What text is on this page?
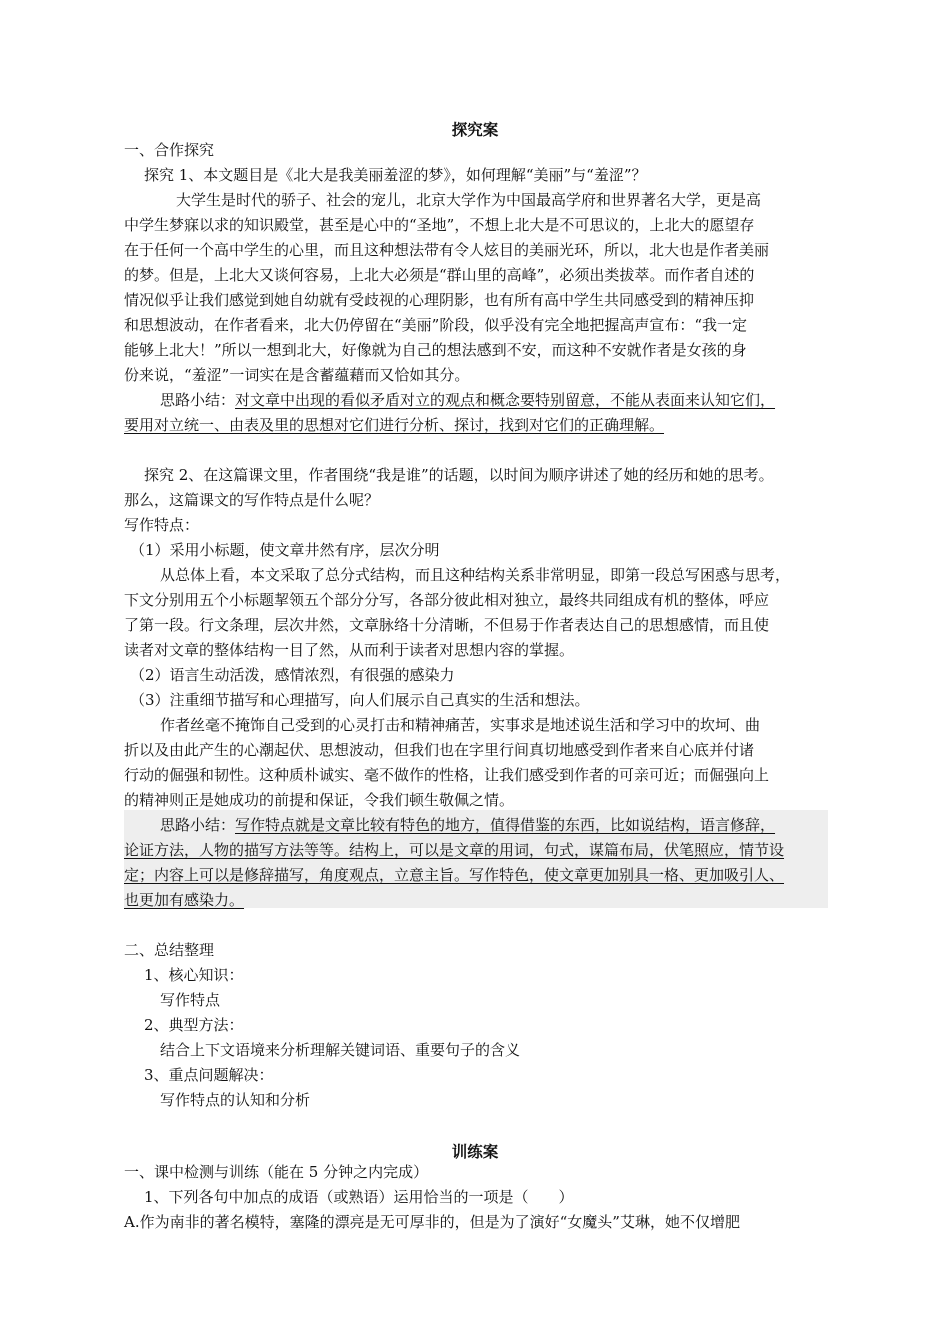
探究案
一、合作探究
探究 1、本文题目是《北大是我美丽羞涩的梦》，如何理解“美丽”与“羞涩”？
大学生是时代的骄子、社会的宠儿，北京大学作为中国最高学府和世界著名大学，更是高
中学生梦寐以求的知识殿堂，甚至是心中的“圣地”，不想上北大是不可思议的，上北大的愿望存
在于任何一个高中学生的心里，而且这种想法带有令人炫目的美丽光环，所以，北大也是作者美丽
的梦。但是，上北大又谈何容易，上北大必须是“群山里的高峰”，必须出类拔萃。而作者自述的
情况似乎让我们感觉到她自幼就有受歧视的心理阴影，也有所有高中学生共同感受到的精神压抑
和思想波动，在作者看来，北大仍停留在“美丽”阶段，似乎没有完全地把握高声宣布：“我一定
能够上北大！”所以一想到北大，好像就为自己的想法感到不安，而这种不安就作者是女孩的身
份来说，“羞涩”一词实在是含蓄蕴藉而又恰如其分。
思路小结：对文章中出现的看似矛盾对立的观点和概念要特别留意，不能从表面来认知它们，
要用对立统一、由表及里的思想对它们进行分析、探讨，找到对它们的正确理解。
探究 2、在这篇课文里，作者围绕“我是谁”的话题，以时间为顺序讲述了她的经历和她的思考。
那么，这篇课文的写作特点是什么呢？
写作特点：
（1）采用小标题，使文章井然有序，层次分明
从总体上看，本文采取了总分式结构，而且这种结构关系非常明显，即第一段总写困惑与思考，
下文分别用五个小标题挈领五个部分分写，各部分彼此相对独立，最终共同组成有机的整体，呼应
了第一段。行文条理，层次井然，文章脉络十分清晰，不但易于作者表达自己的思想感情，而且使
读者对文章的整体结构一目了然，从而利于读者对思想内容的掌握。
（2）语言生动活泼，感情浓烈，有很强的感染力
（3）注重细节描写和心理描写，向人们展示自己真实的生活和想法。
作者丝毫不掩饰自己受到的心灵打击和精神痛苦，实事求是地述说生活和学习中的坎坷、曲
折以及由此产生的心潮起伏、思想波动，但我们也在字里行间真切地感受到作者来自心底并付诸
行动的倔强和韧性。这种质朴诚实、毫不做作的性格，让我们感受到作者的可亲可近；而倔强向上
的精神则正是她成功的前提和保证，令我们顿生敬佩之情。
思路小结：写作特点就是文章比较有特色的地方，值得借鉴的东西，比如说结构，语言修辞，
论证方法，人物的描写方法等等。结构上，可以是文章的用词，句式，谋篇布局，伏笔照应，情节设
定；内容上可以是修辞描写，角度观点，立意主旨。写作特色，使文章更加别具一格、更加吸引人、
也更加有感染力。
二、总结整理
1、核心知识：
写作特点
2、典型方法：
结合上下文语境来分析理解关键词语、重要句子的含义
3、重点问题解决：
写作特点的认知和分析
训练案
一、课中检测与训练（能在 5 分钟之内完成）
1、下列各句中加点的成语（或熟语）运用恰当的一项是（　　）
A.作为南非的著名模特，塞隆的漂亮是无可厚非的，但是为了演好“女魔头”艾琳，她不仅增肥
